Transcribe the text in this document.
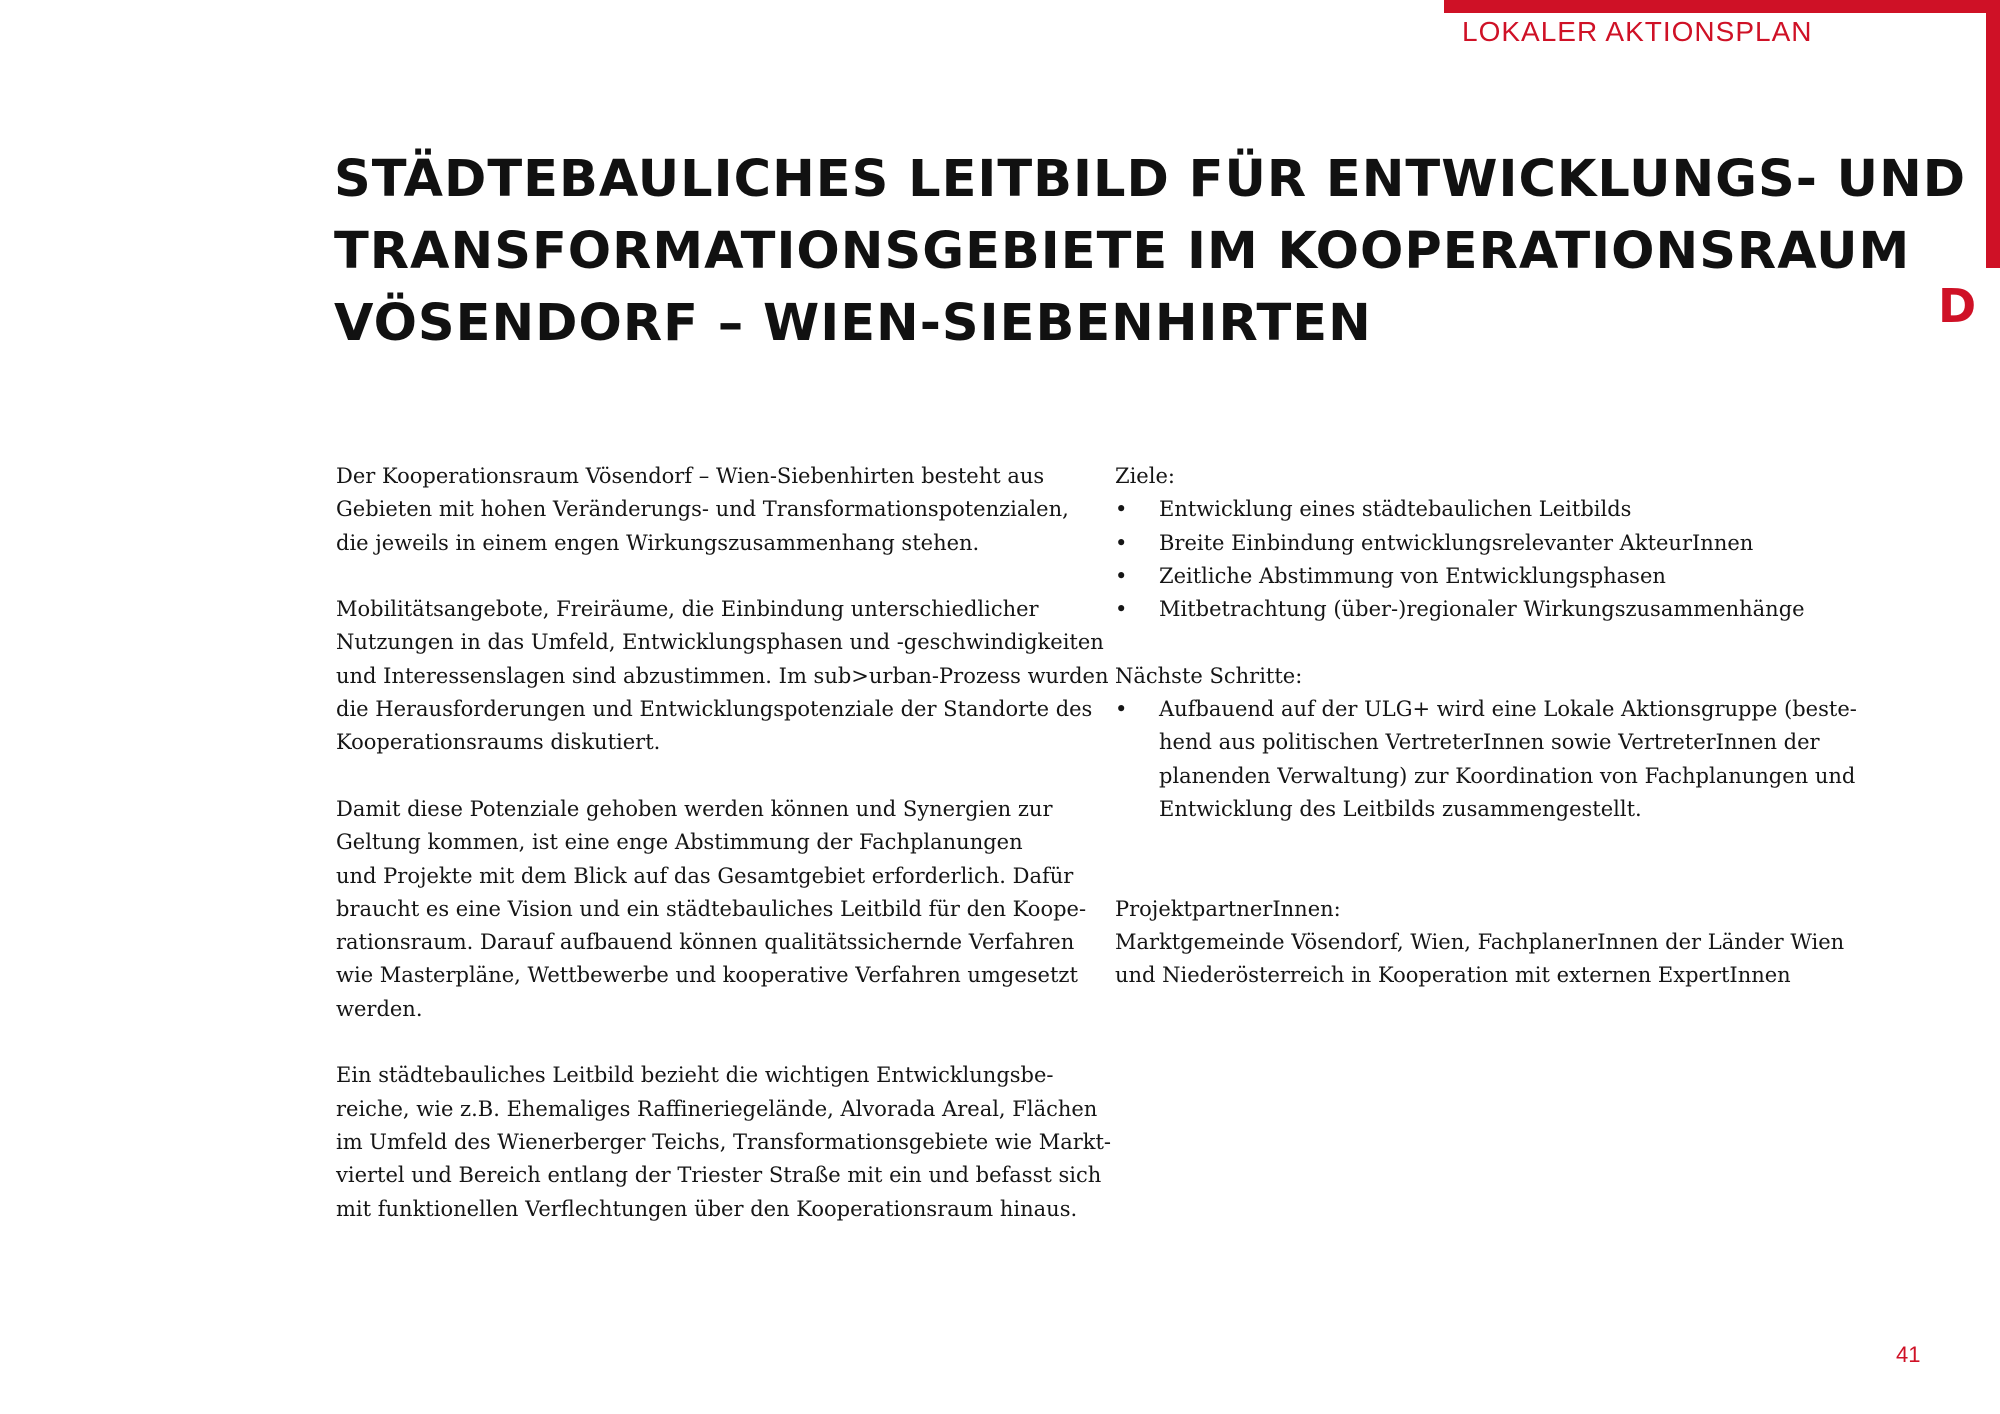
LOKALER AKTIONSPLAN
D
STÄDTEBAULICHES LEITBILD FÜR ENTWICKLUNGS- UND
TRANSFORMATIONSGEBIETE IM KOOPERATIONSRAUM
VÖSENDORF – WIEN-SIEBENHIRTEN

Der Kooperationsraum Vösendorf – Wien-Siebenhirten besteht aus
Gebieten mit hohen Veränderungs- und Transformationspotenzialen,
die jeweils in einem engen Wirkungszusammenhang stehen.

Mobilitätsangebote, Freiräume, die Einbindung unterschiedlicher
Nutzungen in das Umfeld, Entwicklungsphasen und -geschwindigkeiten
und Interessenslagen sind abzustimmen. Im sub>urban-Prozess wurden
die Herausforderungen und Entwicklungspotenziale der Standorte des
Kooperationsraums diskutiert.

Damit diese Potenziale gehoben werden können und Synergien zur
Geltung kommen, ist eine enge Abstimmung der Fachplanungen
und Projekte mit dem Blick auf das Gesamtgebiet erforderlich. Dafür
braucht es eine Vision und ein städtebauliches Leitbild für den Koope-
rationsraum. Darauf aufbauend können qualitätssichernde Verfahren
wie Masterpläne, Wettbewerbe und kooperative Verfahren umgesetzt
werden.

Ein städtebauliches Leitbild bezieht die wichtigen Entwicklungsbe-
reiche, wie z.B. Ehemaliges Raffineriegelände, Alvorada Areal, Flächen
im Umfeld des Wienerberger Teichs, Transformationsgebiete wie Markt-
viertel und Bereich entlang der Triester Straße mit ein und befasst sich
mit funktionellen Verflechtungen über den Kooperationsraum hinaus.

Ziele:
• Entwicklung eines städtebaulichen Leitbilds
• Breite Einbindung entwicklungsrelevanter AkteurInnen
• Zeitliche Abstimmung von Entwicklungsphasen
• Mitbetrachtung (über-)regionaler Wirkungszusammenhänge
Nächste Schritte:
• Aufbauend auf der ULG+ wird eine Lokale Aktionsgruppe (beste-
hend aus politischen VertreterInnen sowie VertreterInnen der
planenden Verwaltung) zur Koordination von Fachplanungen und
Entwicklung des Leitbilds zusammengestellt.
ProjektpartnerInnen:
Marktgemeinde Vösendorf, Wien, FachplanerInnen der Länder Wien
und Niederösterreich in Kooperation mit externen ExpertInnen
41
